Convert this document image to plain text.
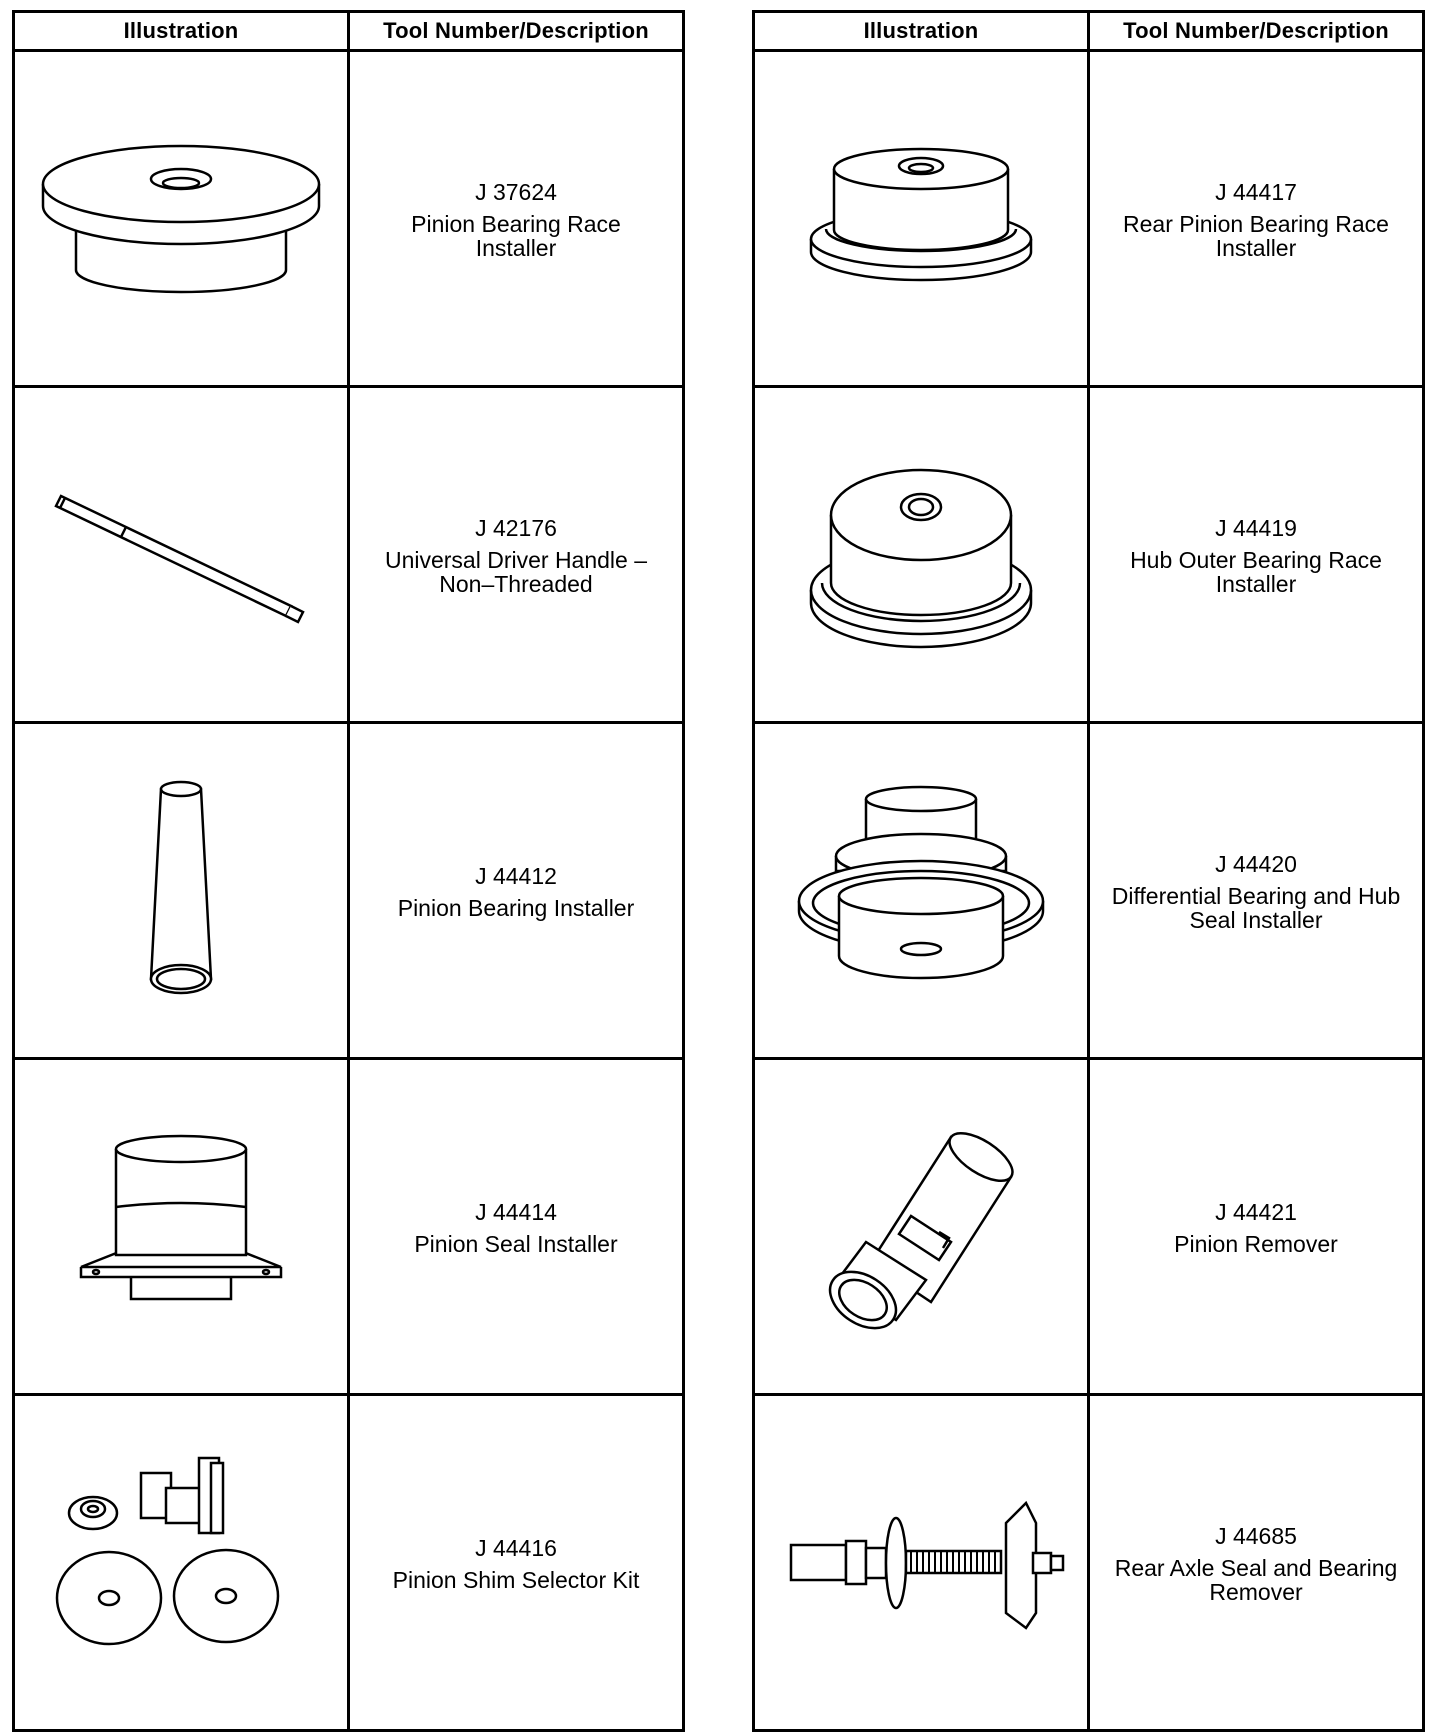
Illustration	Tool Number/Description

J 37624
Pinion Bearing Race
Installer

J 42176
Universal Driver Handle –
Non–Threaded

J 44412
Pinion Bearing Installer

J 44414
Pinion Seal Installer

J 44416
Pinion Shim Selector Kit
Illustration	Tool Number/Description

J 44417
Rear Pinion Bearing Race
Installer

J 44419
Hub Outer Bearing Race
Installer

J 44420
Differential Bearing and Hub
Seal Installer

J 44421
Pinion Remover

J 44685
Rear Axle Seal and Bearing
Remover
